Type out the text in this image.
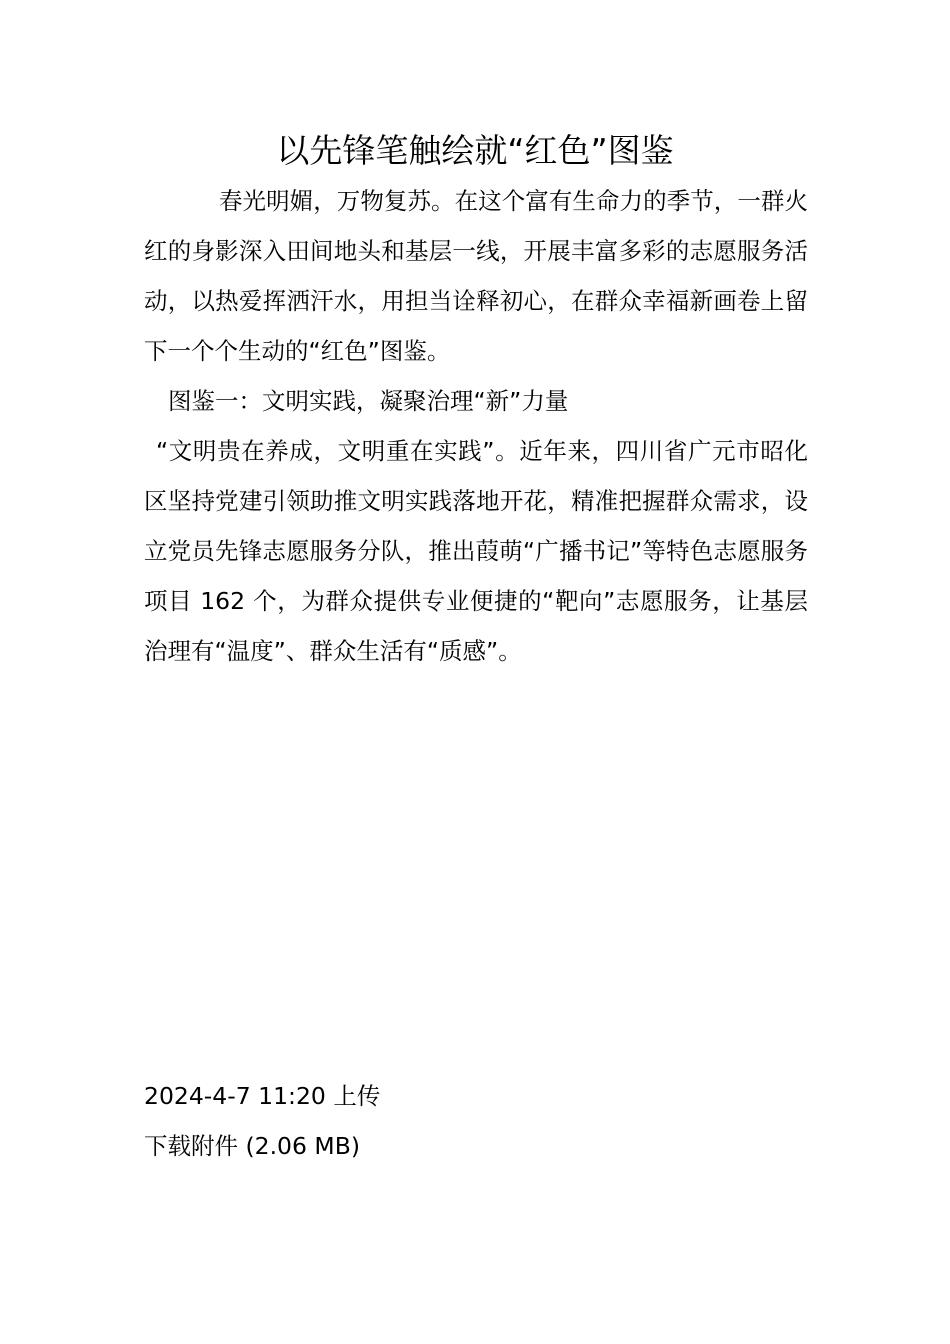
以先锋笔触绘就“红色”图鉴

春光明媚，万物复苏。在这个富有生命力的季节，一群火红的身影深入田间地头和基层一线，开展丰富多彩的志愿服务活动，以热爱挥洒汗水，用担当诠释初心，在群众幸福新画卷上留下一个个生动的“红色”图鉴。

图鉴一：文明实践，凝聚治理“新”力量

“文明贵在养成，文明重在实践”。近年来，四川省广元市昭化区坚持党建引领助推文明实践落地开花，精准把握群众需求，设立党员先锋志愿服务分队，推出葭萌“广播书记”等特色志愿服务项目 162 个，为群众提供专业便捷的“靶向”志愿服务，让基层治理有“温度”、群众生活有“质感”。

2024-4-7 11:20 上传
下载附件 (2.06 MB)
